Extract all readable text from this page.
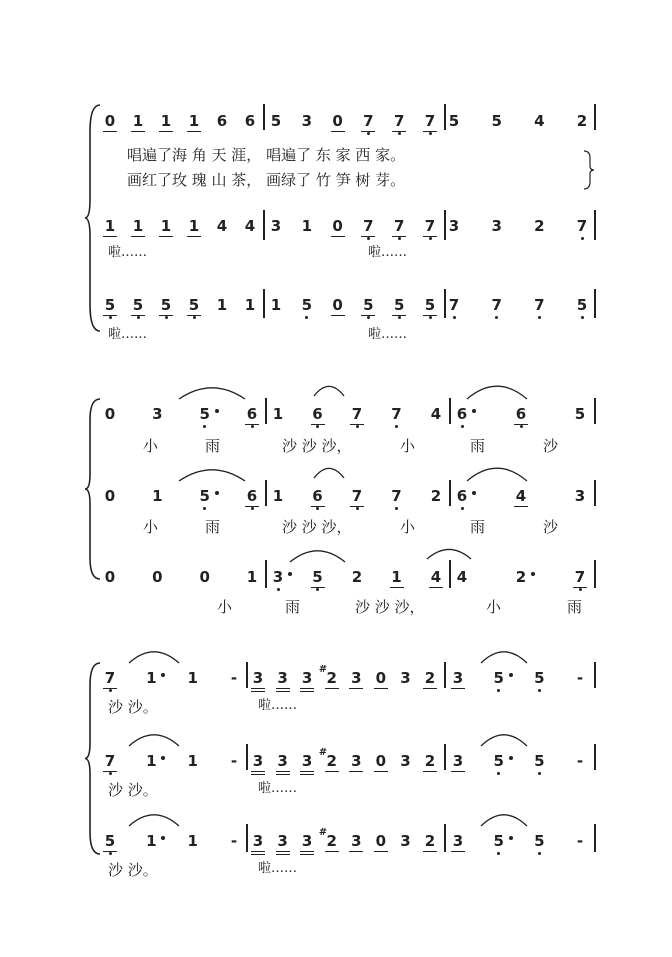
0 1 1 1 6 6 5 3 0 7 7 7 5 5 4 2
1 1 1 1 4 4 3 1 0 7 7 7 3 3 2 7
5 5 5 5 1 1 1 5 0 5 5 5 7 7 7 5
唱遍了海 角 天 涯， 唱遍了 东 家 西 家。
画红了玫 瑰 山 茶， 画绿了 竹 笋 树 芽。
啦……	啦……
啦……	啦……
0 3 5 6 1 6 7 7 4 6	6	5
0 1 5 6 1 6 7 7 2 6	4	3
0 0 0 1 3 5 2 1 4 4	2	7
小	雨	沙 沙 沙，	小	雨	沙
小	雨	沙 沙 沙，	小	雨	沙
小	雨	沙 沙 沙，	小	雨
7 1 1	-	3 3 3 2
# 3 0 3 2 3 5 5	-
7 1 1	-	3 3 3 2
# 3 0 3 2 3 5 5	-
5 1 1	-	3 3 3 2
# 3 0 3 2 3 5 5	-
沙 沙。
沙 沙。
沙 沙。
啦……
啦……
啦……
